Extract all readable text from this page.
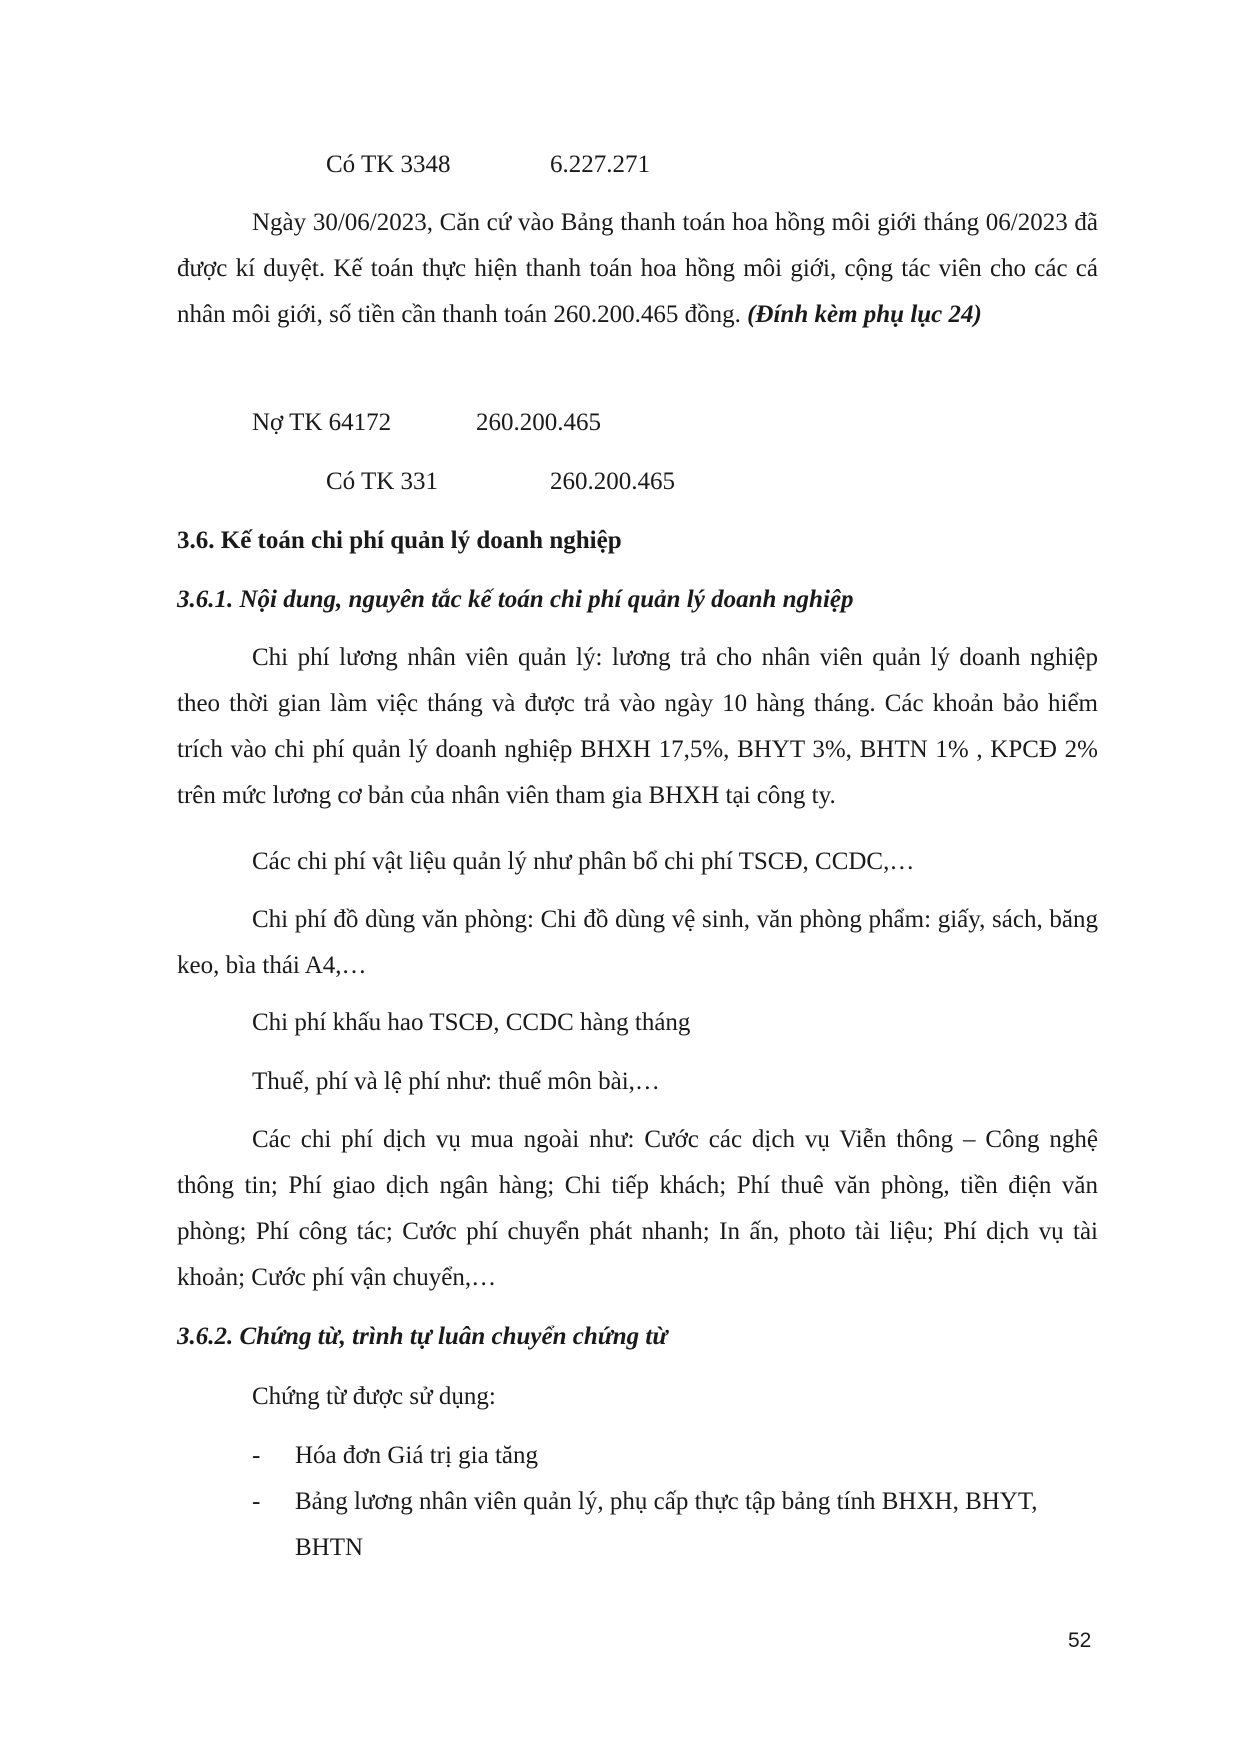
Có TK 3348	6.227.271

Ngày 30/06/2023, Căn cứ vào Bảng thanh toán hoa hồng môi giới tháng 06/2023 đã được kí duyệt. Kế toán thực hiện thanh toán hoa hồng môi giới, cộng tác viên cho các cá nhân môi giới, số tiền cần thanh toán 260.200.465 đồng. (Đính kèm phụ lục 24)

Nợ TK 64172	260.200.465
Có TK 331	260.200.465
3.6. Kế toán chi phí quản lý doanh nghiệp
3.6.1. Nội dung, nguyên tắc kế toán chi phí quản lý doanh nghiệp

Chi phí lương nhân viên quản lý: lương trả cho nhân viên quản lý doanh nghiệp theo thời gian làm việc tháng và được trả vào ngày 10 hàng tháng. Các khoản bảo hiểm trích vào chi phí quản lý doanh nghiệp BHXH 17,5%, BHYT 3%, BHTN 1% , KPCĐ 2% trên mức lương cơ bản của nhân viên tham gia BHXH tại công ty.

Các chi phí vật liệu quản lý như phân bổ chi phí TSCĐ, CCDC,…

Chi phí đồ dùng văn phòng: Chi đồ dùng vệ sinh, văn phòng phẩm: giấy, sách, băng keo, bìa thái A4,…

Chi phí khấu hao TSCĐ, CCDC hàng tháng

Thuế, phí và lệ phí như: thuế môn bài,…

Các chi phí dịch vụ mua ngoài như: Cước các dịch vụ Viễn thông – Công nghệ thông tin; Phí giao dịch ngân hàng; Chi tiếp khách; Phí thuê văn phòng, tiền điện văn phòng; Phí công tác; Cước phí chuyển phát nhanh; In ấn, photo tài liệu; Phí dịch vụ tài khoản; Cước phí vận chuyển,…

3.6.2. Chứng từ, trình tự luân chuyển chứng từ
Chứng từ được sử dụng:
- Hóa đơn Giá trị gia tăng
- Bảng lương nhân viên quản lý, phụ cấp thực tập bảng tính BHXH, BHYT, BHTN
52
